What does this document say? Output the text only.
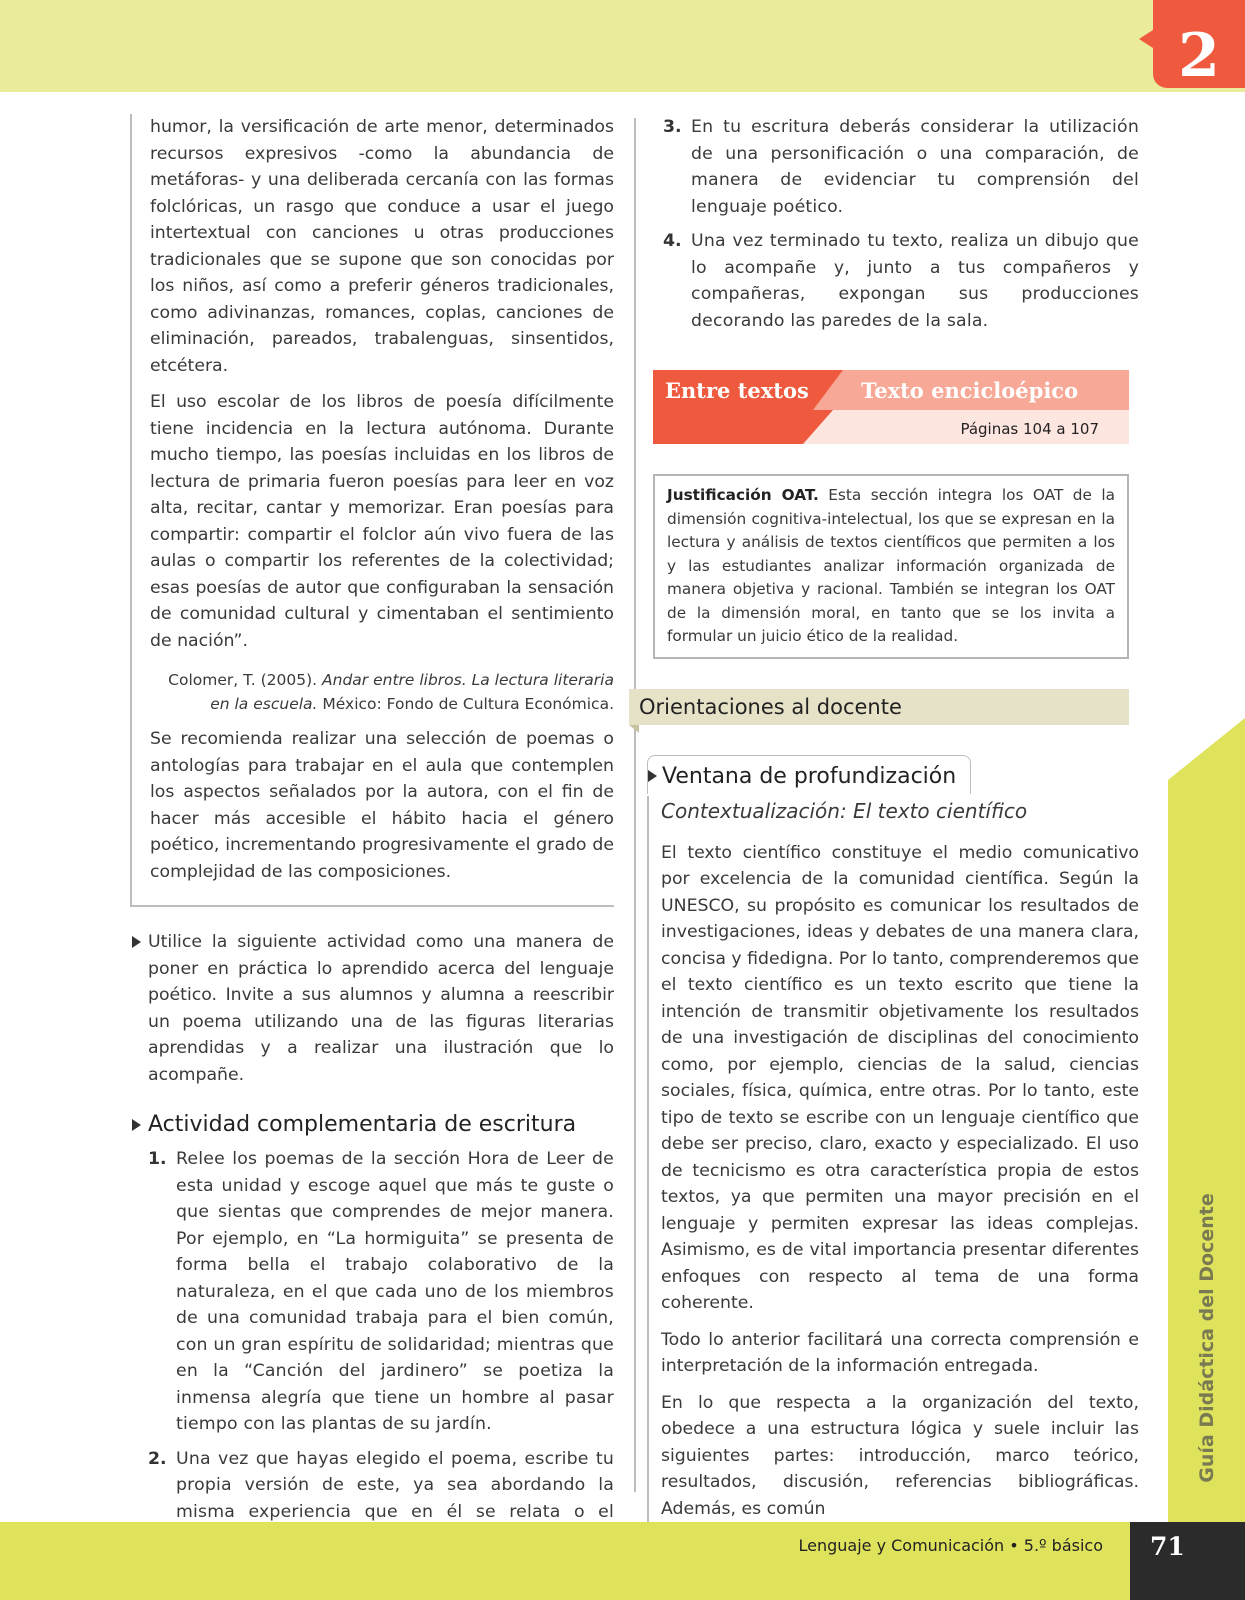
2

humor, la versificación de arte menor, determinados recursos expresivos -como la abundancia de metáforas- y una deliberada cercanía con las formas folclóricas, un rasgo que conduce a usar el juego intertextual con canciones u otras producciones tradicionales que se supone que son conocidas por los niños, así como a preferir géneros tradicionales, como adivinanzas, romances, coplas, canciones de eliminación, pareados, trabalenguas, sinsentidos, etcétera.

El uso escolar de los libros de poesía difícilmente tiene incidencia en la lectura autónoma. Durante mucho tiempo, las poesías incluidas en los libros de lectura de primaria fueron poesías para leer en voz alta, recitar, cantar y memorizar. Eran poesías para compartir: compartir el folclor aún vivo fuera de las aulas o compartir los referentes de la colectividad; esas poesías de autor que configuraban la sensación de comunidad cultural y cimentaban el sentimiento de nación”.

Colomer, T. (2005). Andar entre libros. La lectura literaria en la escuela. México: Fondo de Cultura Económica.

Se recomienda realizar una selección de poemas o antologías para trabajar en el aula que contemplen los aspectos señalados por la autora, con el fin de hacer más accesible el hábito hacia el género poético, incrementando progresivamente el grado de complejidad de las composiciones.

Utilice la siguiente actividad como una manera de poner en práctica lo aprendido acerca del lenguaje poético. Invite a sus alumnos y alumna a reescribir un poema utilizando una de las figuras literarias aprendidas y a realizar una ilustración que lo acompañe.

Actividad complementaria de escritura
1. Relee los poemas de la sección Hora de Leer de esta unidad y escoge aquel que más te guste o que sientas que comprendes de mejor manera. Por ejemplo, en “La hormiguita” se presenta de forma bella el trabajo colaborativo de la naturaleza, en el que cada uno de los miembros de una comunidad trabaja para el bien común, con un gran espíritu de solidaridad; mientras que en la “Canción del jardinero” se poetiza la inmensa alegría que tiene un hombre al pasar tiempo con las plantas de su jardín.
2. Una vez que hayas elegido el poema, escribe tu propia versión de este, ya sea abordando la misma experiencia que en él se relata o el
3. En tu escritura deberás considerar la utilización de una personificación o una comparación, de manera de evidenciar tu comprensión del lenguaje poético.
4. Una vez terminado tu texto, realiza un dibujo que lo acompañe y, junto a tus compañeros y compañeras, expongan sus producciones decorando las paredes de la sala.
Entre textos Texto encicloépico
Páginas 104 a 107
Justificación OAT. Esta sección integra los OAT de la dimensión cognitiva-intelectual, los que se expresan en la lectura y análisis de textos científicos que permiten a los y las estudiantes analizar información organizada de manera objetiva y racional. También se integran los OAT de la dimensión moral, en tanto que se los invita a formular un juicio ético de la realidad.
Orientaciones al docente
Ventana de profundización

Contextualización: El texto científico

El texto científico constituye el medio comunicativo por excelencia de la comunidad científica. Según la UNESCO, su propósito es comunicar los resultados de investigaciones, ideas y debates de una manera clara, concisa y fidedigna. Por lo tanto, comprenderemos que el texto científico es un texto escrito que tiene la intención de transmitir objetivamente los resultados de una investigación de disciplinas del conocimiento como, por ejemplo, ciencias de la salud, ciencias sociales, física, química, entre otras. Por lo tanto, este tipo de texto se escribe con un lenguaje científico que debe ser preciso, claro, exacto y especializado. El uso de tecnicismo es otra característica propia de estos textos, ya que permiten una mayor precisión en el lenguaje y permiten expresar las ideas complejas. Asimismo, es de vital importancia presentar diferentes enfoques con respecto al tema de una forma coherente.

Todo lo anterior facilitará una correcta comprensión e interpretación de la información entregada.

En lo que respecta a la organización del texto, obedece a una estructura lógica y suele incluir las siguientes partes: introducción, marco teórico, resultados, discusión, referencias bibliográficas. Además, es común

Guía Didáctica del Docente
Lenguaje y Comunicación • 5.º básico	71
